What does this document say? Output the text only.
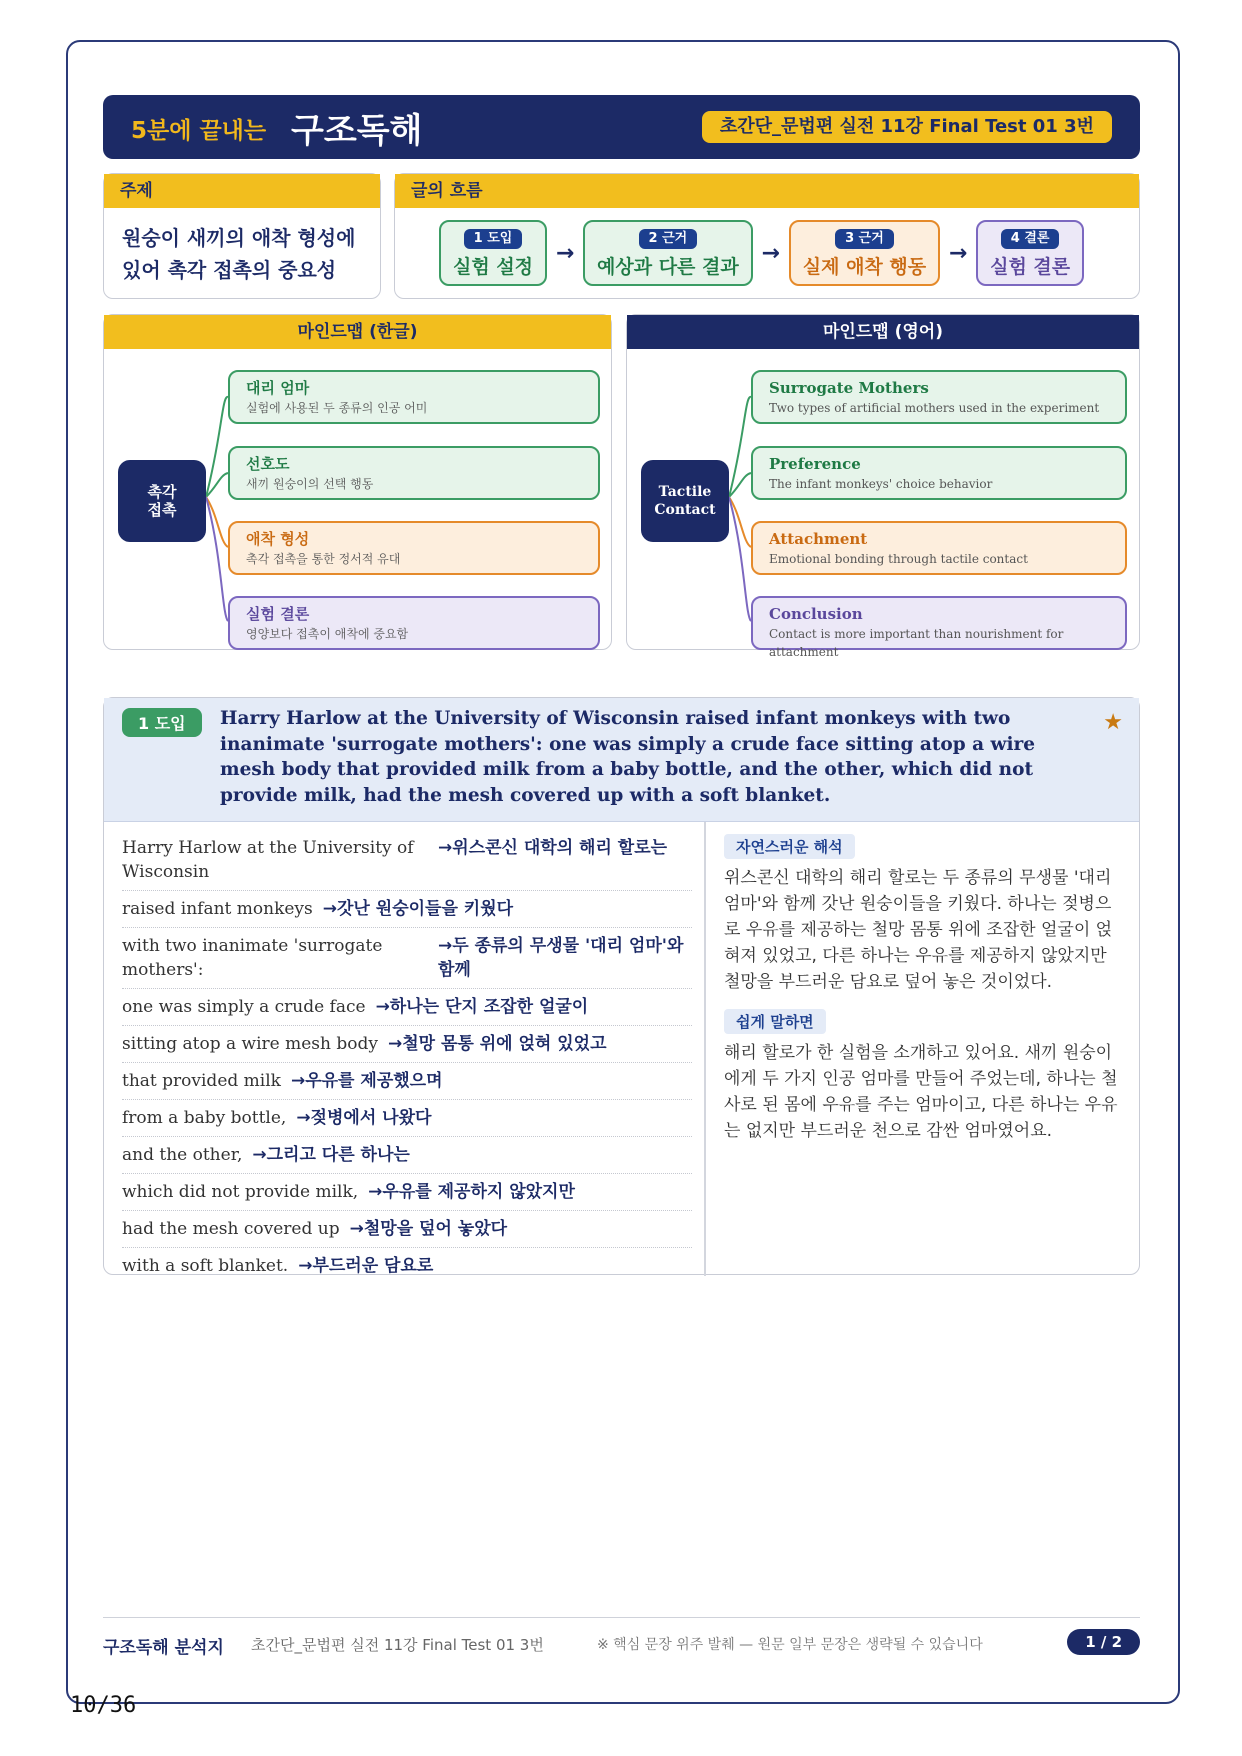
5분에 끝내는 구조독해	초간단_문법편 실전 11강 Final Test 01 3번
주제
원숭이 새끼의 애착 형성에 있어 촉각 접촉의 중요성
글의 흐름
1 도입
실험 설정
→
2 근거
예상과 다른 결과
→
3 근거
실제 애착 행동
→
4 결론
실험 결론
마인드맵 (한글)
촉각
접촉
대리 엄마
실험에 사용된 두 종류의 인공 어미
선호도
새끼 원숭이의 선택 행동
애착 형성
촉각 접촉을 통한 정서적 유대
실험 결론
영양보다 접촉이 애착에 중요함
마인드맵 (영어)
Tactile
Contact
Surrogate Mothers
Two types of artificial mothers used in the experiment
Preference
The infant monkeys' choice behavior
Attachment
Emotional bonding through tactile contact
Conclusion
Contact is more important than nourishment for attachment
1 도입	Harry Harlow at the University of Wisconsin raised infant monkeys with two inanimate 'surrogate mothers': one was simply a crude face sitting atop a wire mesh body that provided milk from a baby bottle, and the other, which did not provide milk, had the mesh covered up with a soft blanket.
★
Harry Harlow at the University of Wisconsin
→위스콘신 대학의 해리 할로는
raised infant monkeys →갓난 원숭이들을 키웠다
with two inanimate 'surrogate mothers':
→두 종류의 무생물 '대리 엄마'와 함께
one was simply a crude face →하나는 단지 조잡한 얼굴이
sitting atop a wire mesh body →철망 몸통 위에 얹혀 있었고
that provided milk →우유를 제공했으며
from a baby bottle, →젖병에서 나왔다
and the other, →그리고 다른 하나는
which did not provide milk, →우유를 제공하지 않았지만
had the mesh covered up →철망을 덮어 놓았다
with a soft blanket. →부드러운 담요로
자연스러운 해석
위스콘신 대학의 해리 할로는 두 종류의 무생물 '대리 엄마'와 함께 갓난 원숭이들을 키웠다. 하나는 젖병으로 우유를 제공하는 철망 몸통 위에 조잡한 얼굴이 얹혀져 있었고, 다른 하나는 우유를 제공하지 않았지만 철망을 부드러운 담요로 덮어 놓은 것이었다.
쉽게 말하면
해리 할로가 한 실험을 소개하고 있어요. 새끼 원숭이에게 두 가지 인공 엄마를 만들어 주었는데, 하나는 철사로 된 몸에 우유를 주는 엄마이고, 다른 하나는 우유는 없지만 부드러운 천으로 감싼 엄마였어요.
구조독해 분석지 초간단_문법편 실전 11강 Final Test 01 3번	※ 핵심 문장 위주 발췌 — 원문 일부 문장은 생략될 수 있습니다	1 / 2
10/36
